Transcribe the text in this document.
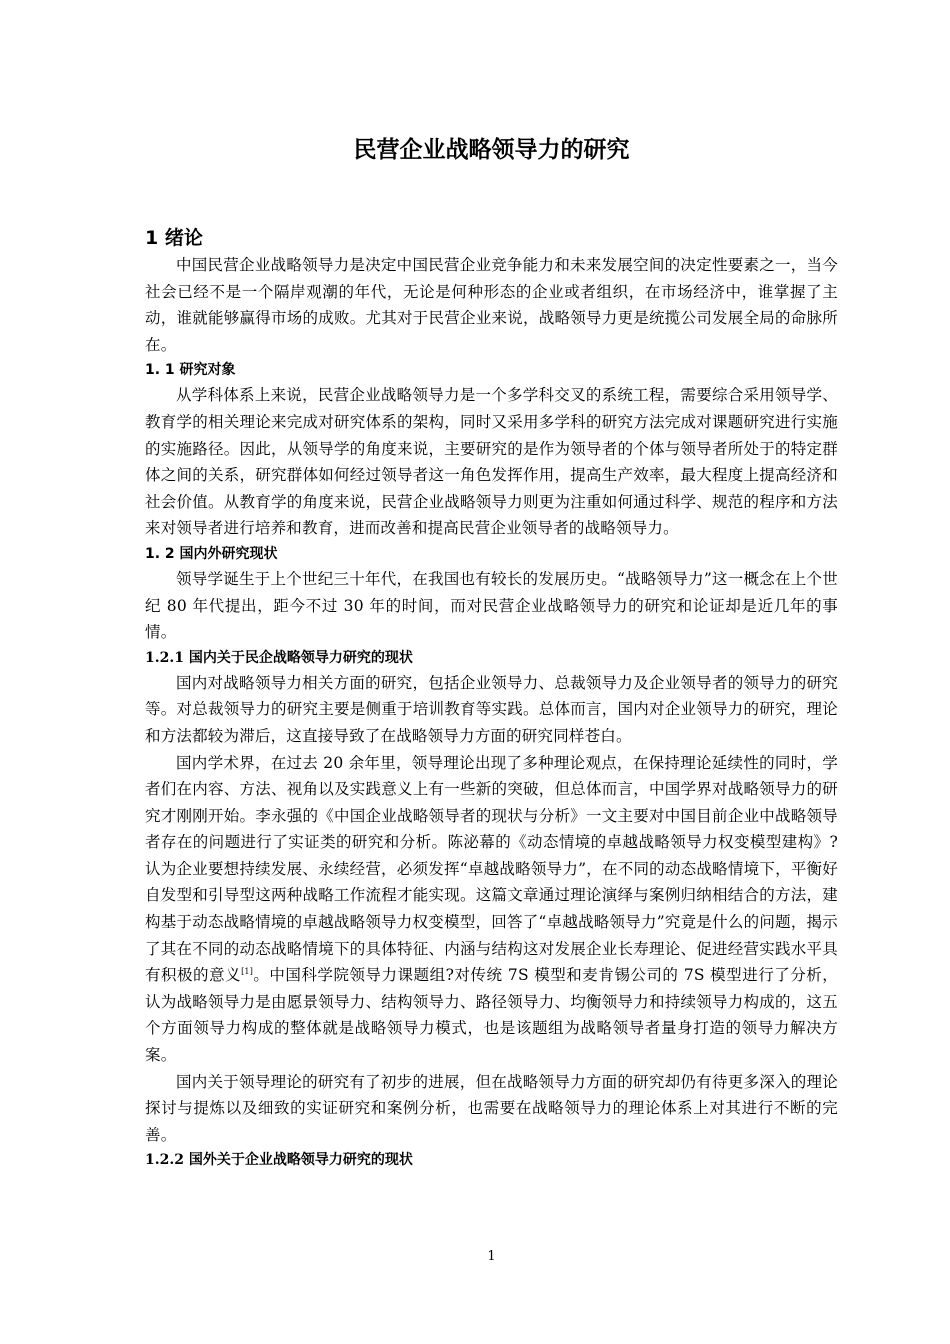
民营企业战略领导力的研究
1 绪论

中国民营企业战略领导力是决定中国民营企业竞争能力和未来发展空间的决定性要素之一，当今社会已经不是一个隔岸观潮的年代，无论是何种形态的企业或者组织，在市场经济中，谁掌握了主动，谁就能够赢得市场的成败。尤其对于民营企业来说，战略领导力更是统揽公司发展全局的命脉所在。

1. 1 研究对象

从学科体系上来说，民营企业战略领导力是一个多学科交叉的系统工程，需要综合采用领导学、教育学的相关理论来完成对研究体系的架构，同时又采用多学科的研究方法完成对课题研究进行实施的实施路径。因此，从领导学的角度来说，主要研究的是作为领导者的个体与领导者所处于的特定群体之间的关系，研究群体如何经过领导者这一角色发挥作用，提高生产效率，最大程度上提高经济和社会价值。从教育学的角度来说，民营企业战略领导力则更为注重如何通过科学、规范的程序和方法来对领导者进行培养和教育，进而改善和提高民营企业领导者的战略领导力。

1. 2 国内外研究现状

领导学诞生于上个世纪三十年代，在我国也有较长的发展历史。“战略领导力”这一概念在上个世纪 80 年代提出，距今不过 30 年的时间，而对民营企业战略领导力的研究和论证却是近几年的事情。

1.2.1 国内关于民企战略领导力研究的现状

国内对战略领导力相关方面的研究，包括企业领导力、总裁领导力及企业领导者的领导力的研究等。对总裁领导力的研究主要是侧重于培训教育等实践。总体而言，国内对企业领导力的研究，理论和方法都较为滞后，这直接导致了在战略领导力方面的研究同样苍白。

国内学术界，在过去 20 余年里，领导理论出现了多种理论观点，在保持理论延续性的同时，学者们在内容、方法、视角以及实践意义上有一些新的突破，但总体而言，中国学界对战略领导力的研究才刚刚开始。李永强的《中国企业战略领导者的现状与分析》一文主要对中国目前企业中战略领导者存在的问题进行了实证类的研究和分析。陈泌幕的《动态情境的卓越战略领导力权变模型建构》?认为企业要想持续发展、永续经营，必须发挥“卓越战略领导力”，在不同的动态战略情境下，平衡好自发型和引导型这两种战略工作流程才能实现。这篇文章通过理论演绎与案例归纳相结合的方法，建构基于动态战略情境的卓越战略领导力权变模型，回答了“卓越战略领导力”究竟是什么的问题，揭示了其在不同的动态战略情境下的具体特征、内涵与结构这对发展企业长寿理论、促进经营实践水平具有积极的意义[1]。中国科学院领导力课题组?对传统 7S 模型和麦肯锡公司的 7S 模型进行了分析，认为战略领导力是由愿景领导力、结构领导力、路径领导力、均衡领导力和持续领导力构成的，这五个方面领导力构成的整体就是战略领导力模式，也是该题组为战略领导者量身打造的领导力解决方案。

国内关于领导理论的研究有了初步的进展，但在战略领导力方面的研究却仍有待更多深入的理论探讨与提炼以及细致的实证研究和案例分析，也需要在战略领导力的理论体系上对其进行不断的完善。

1.2.2 国外关于企业战略领导力研究的现状

1
